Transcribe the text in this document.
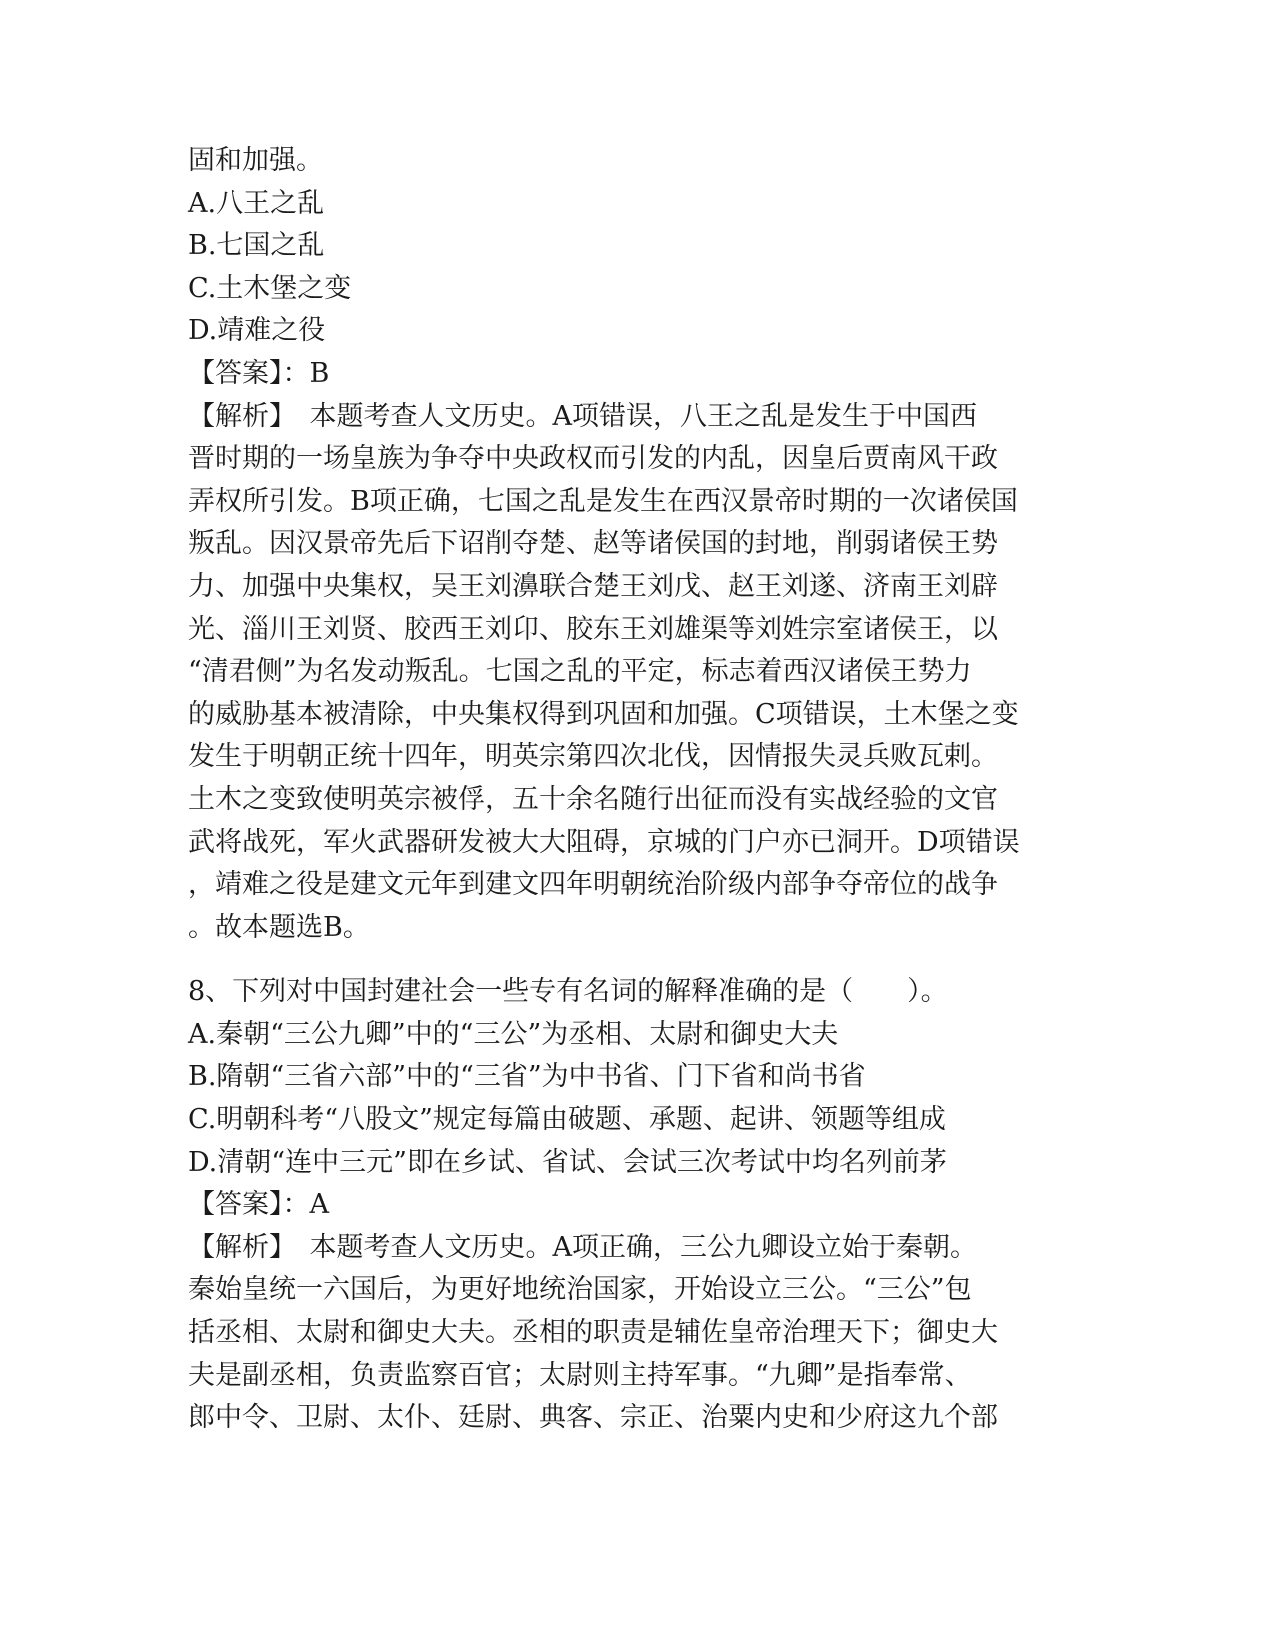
固和加强。
A.八王之乱
B.七国之乱
C.土木堡之变
D.靖难之役
【答案】：B
【解析】　本题考查人文历史。A项错误，八王之乱是发生于中国西
晋时期的一场皇族为争夺中央政权而引发的内乱，因皇后贾南风干政
弄权所引发。B项正确，七国之乱是发生在西汉景帝时期的一次诸侯国
叛乱。因汉景帝先后下诏削夺楚、赵等诸侯国的封地，削弱诸侯王势
力、加强中央集权，吴王刘濞联合楚王刘戊、赵王刘遂、济南王刘辟
光、淄川王刘贤、胶西王刘卬、胶东王刘雄渠等刘姓宗室诸侯王，以
“清君侧”为名发动叛乱。七国之乱的平定，标志着西汉诸侯王势力
的威胁基本被清除，中央集权得到巩固和加强。C项错误，土木堡之变
发生于明朝正统十四年，明英宗第四次北伐，因情报失灵兵败瓦剌。
土木之变致使明英宗被俘，五十余名随行出征而没有实战经验的文官
武将战死，军火武器研发被大大阻碍，京城的门户亦已洞开。D项错误
，靖难之役是建文元年到建文四年明朝统治阶级内部争夺帝位的战争
。故本题选B。
8、下列对中国封建社会一些专有名词的解释准确的是（　　）。
A.秦朝“三公九卿”中的“三公”为丞相、太尉和御史大夫
B.隋朝“三省六部”中的“三省”为中书省、门下省和尚书省
C.明朝科考“八股文”规定每篇由破题、承题、起讲、领题等组成
D.清朝“连中三元”即在乡试、省试、会试三次考试中均名列前茅
【答案】：A
【解析】　本题考查人文历史。A项正确，三公九卿设立始于秦朝。
秦始皇统一六国后，为更好地统治国家，开始设立三公。“三公”包
括丞相、太尉和御史大夫。丞相的职责是辅佐皇帝治理天下；御史大
夫是副丞相，负责监察百官；太尉则主持军事。“九卿”是指奉常、
郎中令、卫尉、太仆、廷尉、典客、宗正、治粟内史和少府这九个部
